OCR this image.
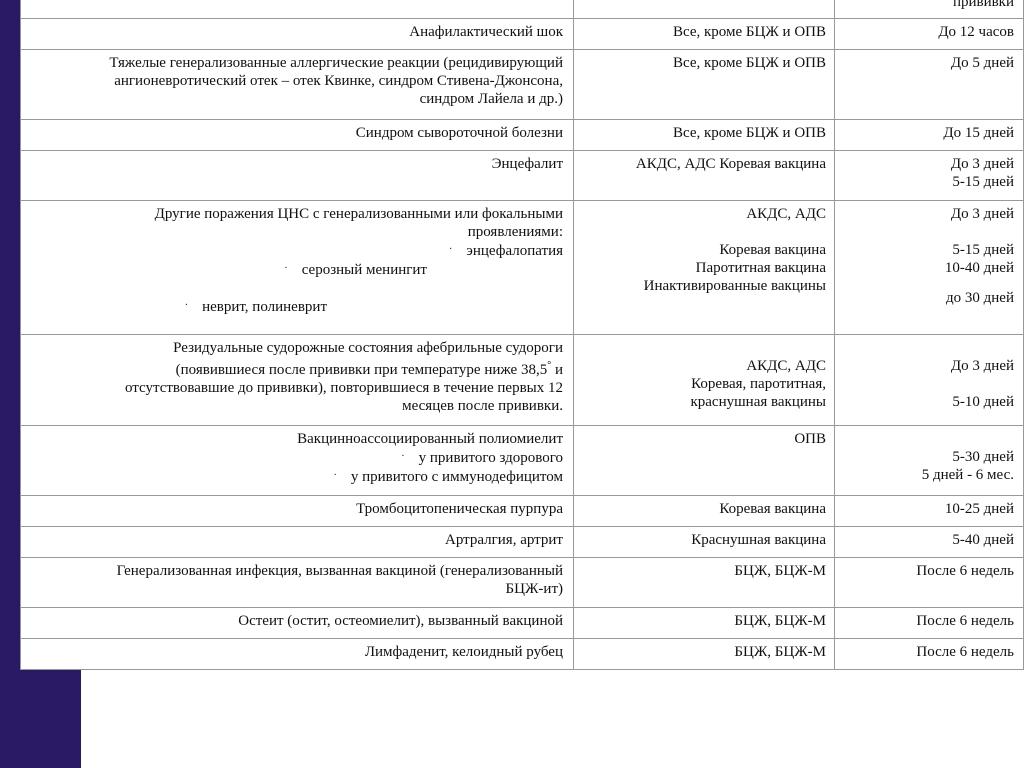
		прививки

Анафилактический шок	Все, кроме БЦЖ и ОПВ	До 12 часов

Тяжелые генерализованные аллергические реакции (рецидивирующий
ангионевротический отек – отек Квинке, синдром Стивена-Джонсона,
синдром Лайела и др.)	Все, кроме БЦЖ и ОПВ	До 5 дней

Синдром сывороточной болезни	Все, кроме БЦЖ и ОПВ	До 15 дней

Энцефалит	АКДС, АДС Коревая вакцина	До 3 дней
5-15 дней

Другие поражения ЦНС с генерализованными или фокальными
проявлениями:
· энцефалопатия
· серозный менингит
· неврит, полиневрит	АКДС, АДС
Коревая вакцина
Паротитная вакцина
Инактивированные вакцины	До 3 дней
5-15 дней
10-40 дней
до 30 дней

Резидуальные судорожные состояния афебрильные судороги
(появившиеся после прививки при температуре ниже 38,5° и
отсутствовавшие до прививки), повторившиеся в течение первых 12
месяцев после прививки.	АКДС, АДС
Коревая, паротитная,
краснушная вакцины	До 3 дней
5-10 дней

Вакцинноассоциированный полиомиелит
· у привитого здорового
· у привитого с иммунодефицитом	ОПВ	5-30 дней
5 дней - 6 мес.

Тромбоцитопеническая пурпура	Коревая вакцина	10-25 дней

Артралгия, артрит	Краснушная вакцина	5-40 дней

Генерализованная инфекция, вызванная вакциной (генерализованный
БЦЖ-ит)	БЦЖ, БЦЖ-М	После 6 недель

Остеит (остит, остеомиелит), вызванный вакциной	БЦЖ, БЦЖ-М	После 6 недель

Лимфаденит, келоидный рубец	БЦЖ, БЦЖ-М	После 6 недель
